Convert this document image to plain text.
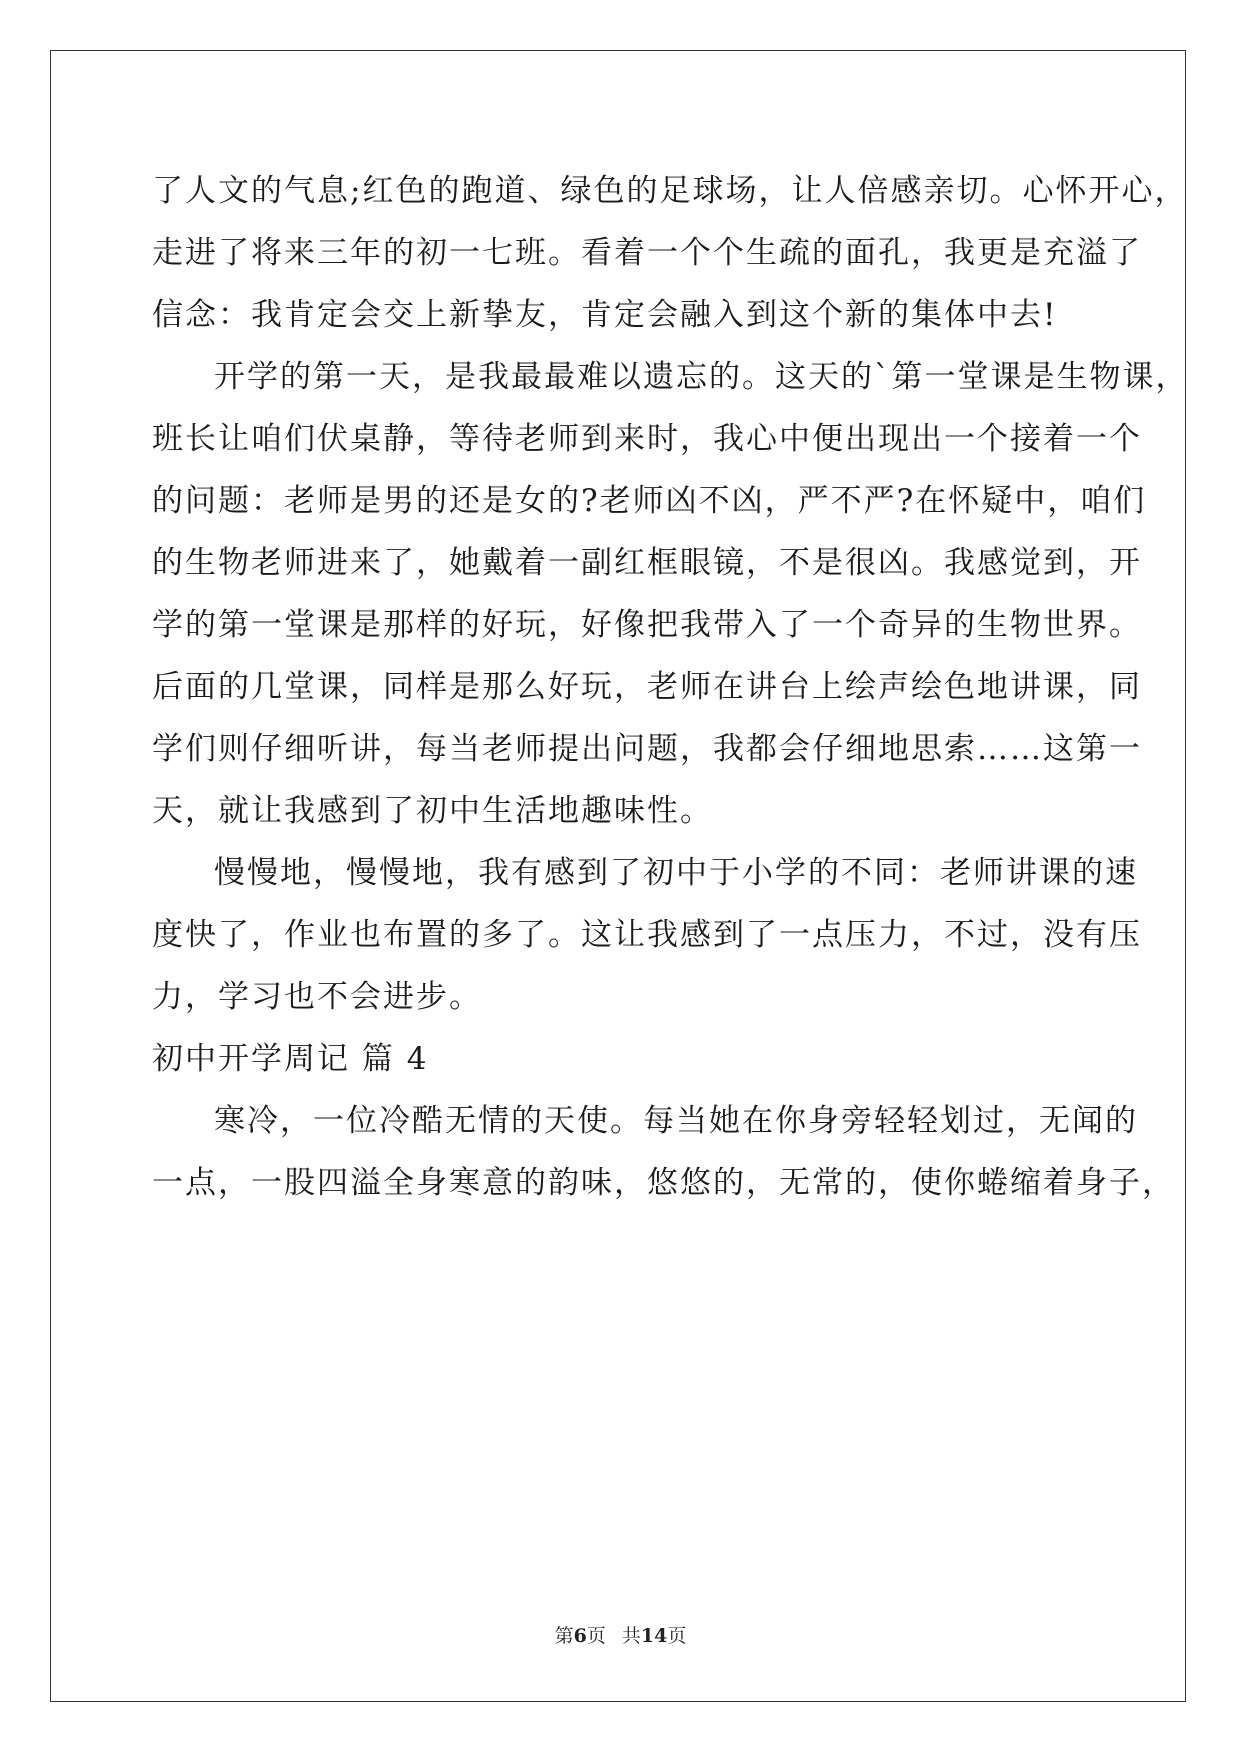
了人文的气息;红色的跑道、绿色的足球场，让人倍感亲切。心怀开心，
走进了将来三年的初一七班。看着一个个生疏的面孔，我更是充溢了
信念：我肯定会交上新挚友，肯定会融入到这个新的集体中去!
开学的第一天，是我最最难以遗忘的。这天的`第一堂课是生物课，
班长让咱们伏桌静，等待老师到来时，我心中便出现出一个接着一个
的问题：老师是男的还是女的?老师凶不凶，严不严?在怀疑中，咱们
的生物老师进来了，她戴着一副红框眼镜，不是很凶。我感觉到，开
学的第一堂课是那样的好玩，好像把我带入了一个奇异的生物世界。
后面的几堂课，同样是那么好玩，老师在讲台上绘声绘色地讲课，同
学们则仔细听讲，每当老师提出问题，我都会仔细地思索……这第一
天，就让我感到了初中生活地趣味性。
慢慢地，慢慢地，我有感到了初中于小学的不同：老师讲课的速
度快了，作业也布置的多了。这让我感到了一点压力，不过，没有压
力，学习也不会进步。
初中开学周记 篇 4
寒冷，一位冷酷无情的天使。每当她在你身旁轻轻划过，无闻的
一点，一股四溢全身寒意的韵味，悠悠的，无常的，使你蜷缩着身子，
第6页 共14页
